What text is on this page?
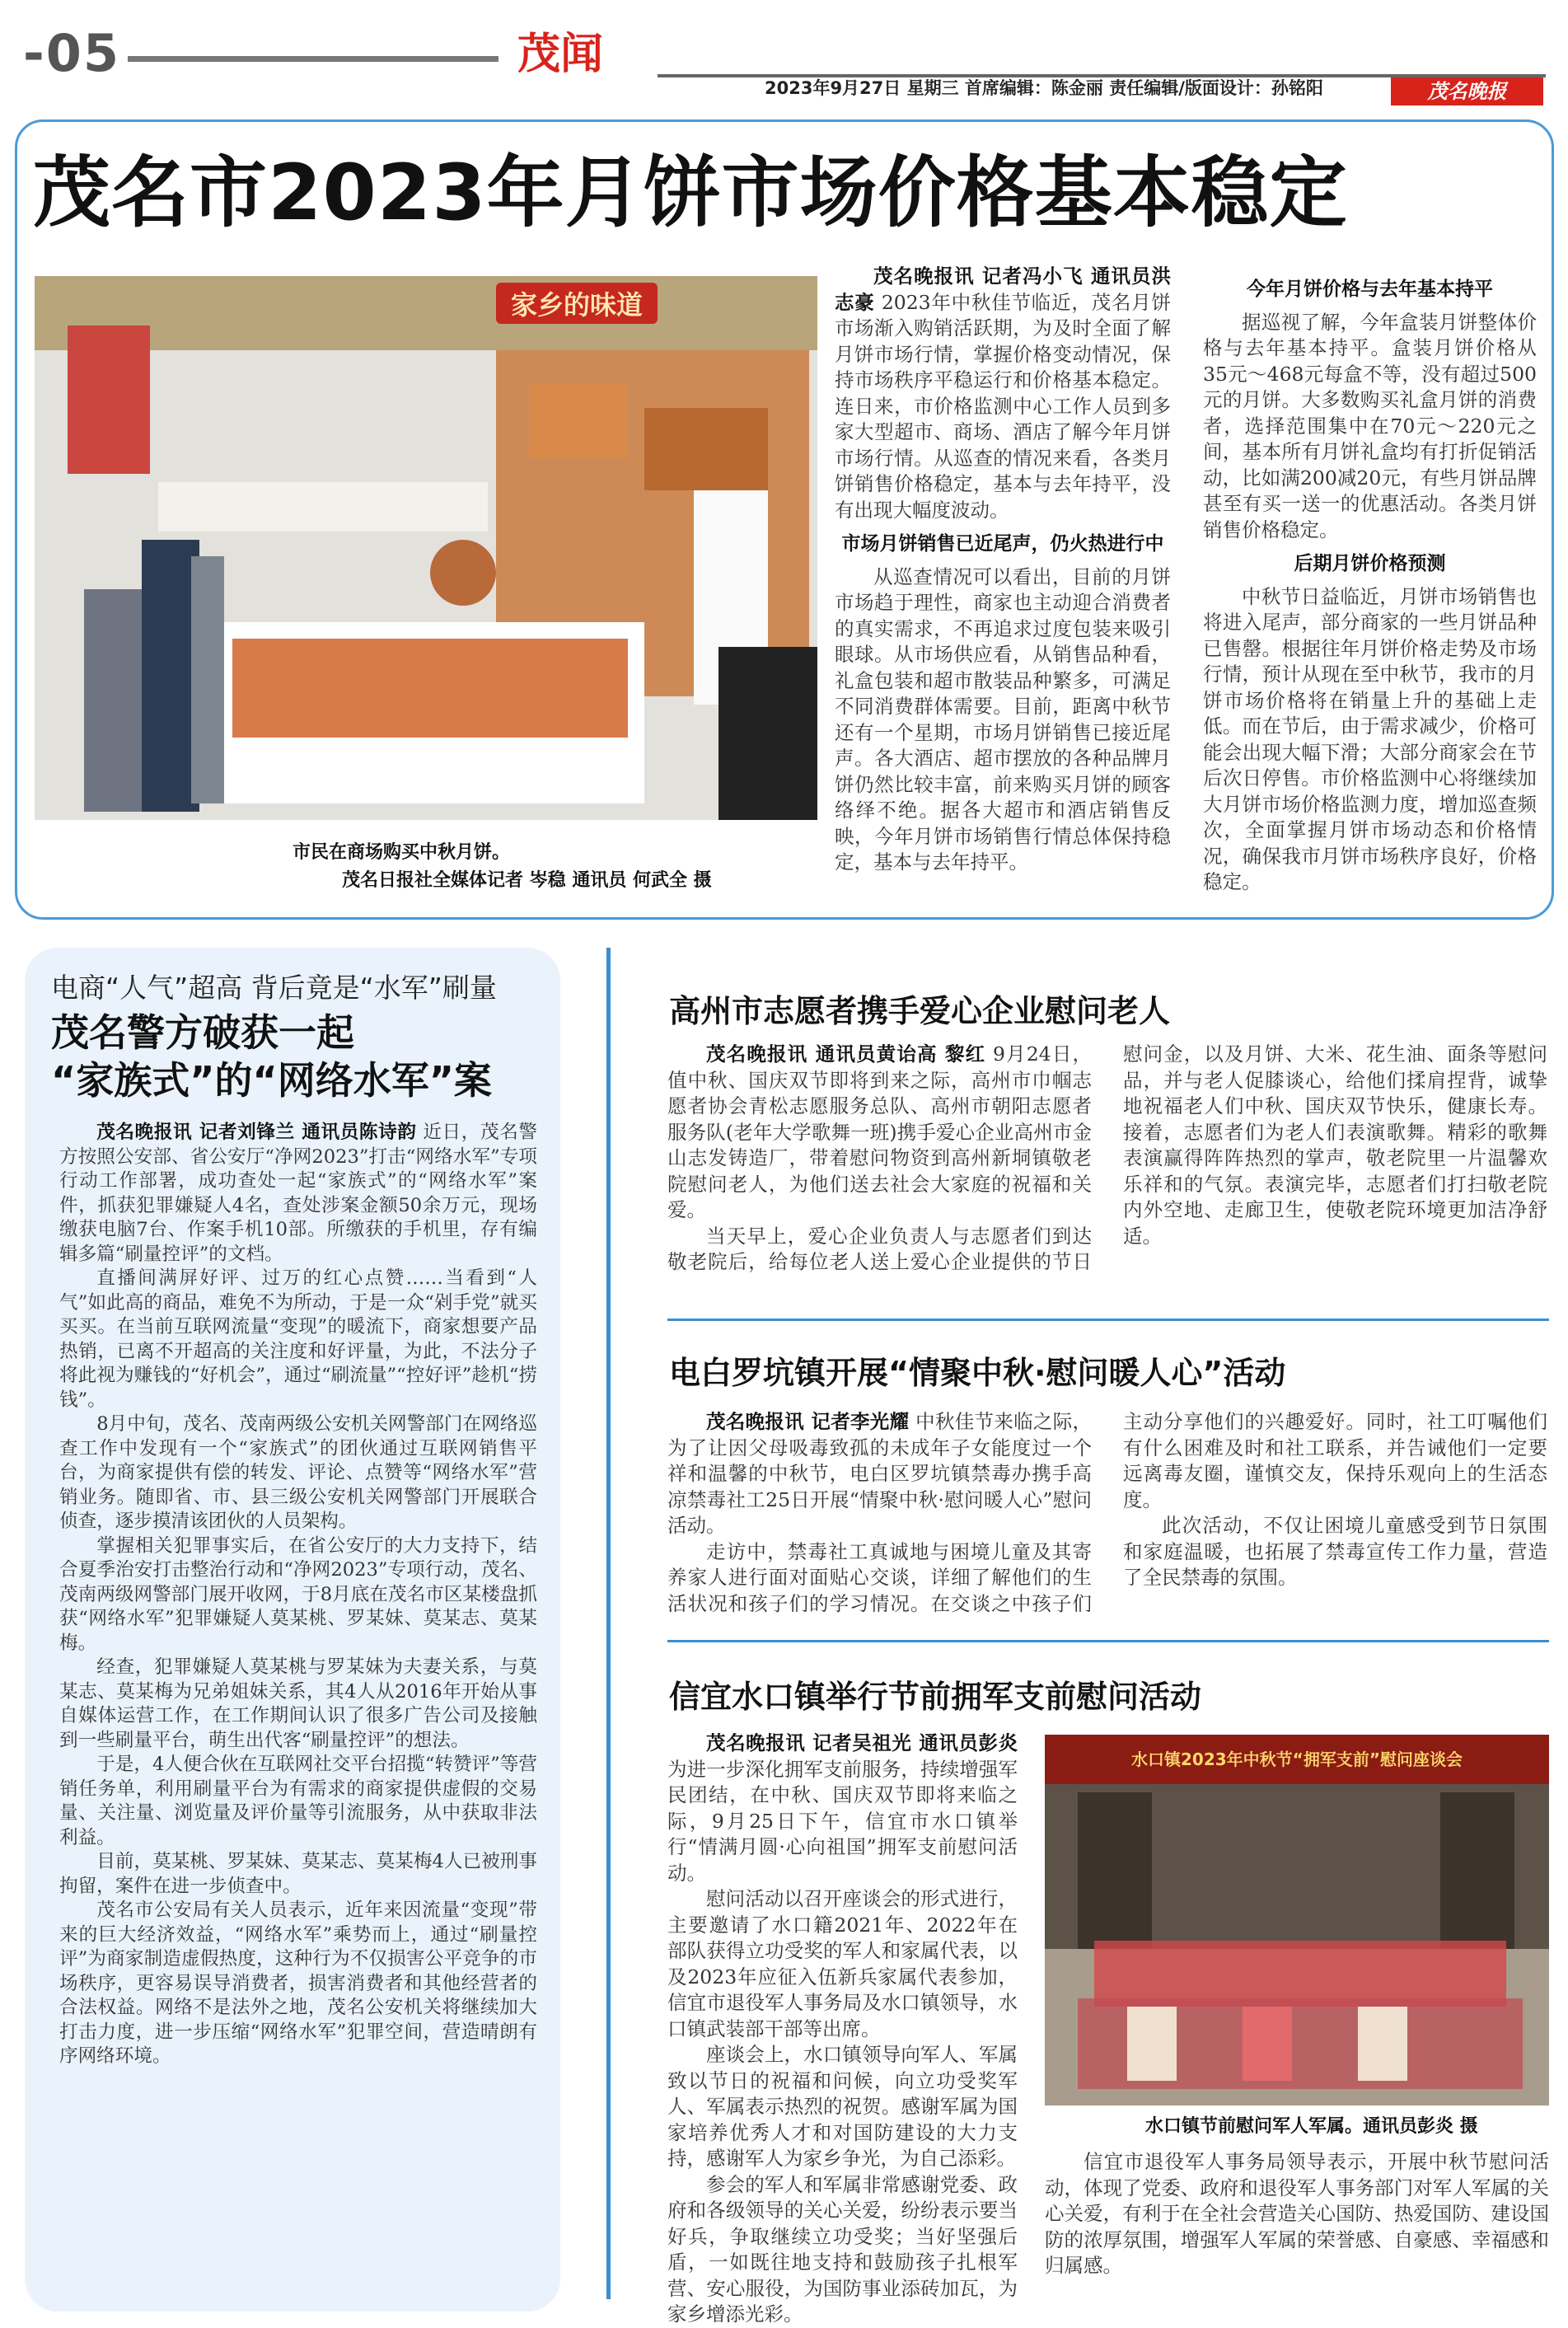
-05	茂闻
2023年9月27日 星期三 首席编辑：陈金丽 责任编辑/版面设计：孙铭阳	茂名晚报
茂名市2023年月饼市场价格基本稳定
家乡的味道
市民在商场购买中秋月饼。
茂名日报社全媒体记者 岑稳 通讯员 何武全 摄

茂名晚报讯 记者冯小飞 通讯员洪志豪 2023年中秋佳节临近，茂名月饼市场渐入购销活跃期，为及时全面了解月饼市场行情，掌握价格变动情况，保持市场秩序平稳运行和价格基本稳定。连日来，市价格监测中心工作人员到多家大型超市、商场、酒店了解今年月饼市场行情。从巡查的情况来看，各类月饼销售价格稳定，基本与去年持平，没有出现大幅度波动。

市场月饼销售已近尾声，仍火热进行中

从巡查情况可以看出，目前的月饼市场趋于理性，商家也主动迎合消费者的真实需求，不再追求过度包装来吸引眼球。从市场供应看，从销售品种看，礼盒包装和超市散装品种繁多，可满足不同消费群体需要。目前，距离中秋节还有一个星期，市场月饼销售已接近尾声。各大酒店、超市摆放的各种品牌月饼仍然比较丰富，前来购买月饼的顾客络绎不绝。据各大超市和酒店销售反映，今年月饼市场销售行情总体保持稳定，基本与去年持平。

今年月饼价格与去年基本持平

据巡视了解，今年盒装月饼整体价格与去年基本持平。盒装月饼价格从35元～468元每盒不等，没有超过500元的月饼。大多数购买礼盒月饼的消费者，选择范围集中在70元～220元之间，基本所有月饼礼盒均有打折促销活动，比如满200减20元，有些月饼品牌甚至有买一送一的优惠活动。各类月饼销售价格稳定。

后期月饼价格预测

中秋节日益临近，月饼市场销售也将进入尾声，部分商家的一些月饼品种已售罄。根据往年月饼价格走势及市场行情，预计从现在至中秋节，我市的月饼市场价格将在销量上升的基础上走低。而在节后，由于需求减少，价格可能会出现大幅下滑；大部分商家会在节后次日停售。市价格监测中心将继续加大月饼市场价格监测力度，增加巡查频次，全面掌握月饼市场动态和价格情况，确保我市月饼市场秩序良好，价格稳定。

电商“人气”超高 背后竟是“水军”刷量
茂名警方破获一起
“家族式”的“网络水军”案

茂名晚报讯 记者刘锋兰 通讯员陈诗韵 近日，茂名警方按照公安部、省公安厅“净网2023”打击“网络水军”专项行动工作部署，成功查处一起“家族式”的“网络水军”案件，抓获犯罪嫌疑人4名，查处涉案金额50余万元，现场缴获电脑7台、作案手机10部。所缴获的手机里，存有编辑多篇“刷量控评”的文档。

直播间满屏好评、过万的红心点赞……当看到“人气”如此高的商品，难免不为所动，于是一众“剁手党”就买买买。在当前互联网流量“变现”的暖流下，商家想要产品热销，已离不开超高的关注度和好评量，为此，不法分子将此视为赚钱的“好机会”，通过“刷流量”“控好评”趁机“捞钱”。

8月中旬，茂名、茂南两级公安机关网警部门在网络巡查工作中发现有一个“家族式”的团伙通过互联网销售平台，为商家提供有偿的转发、评论、点赞等“网络水军”营销业务。随即省、市、县三级公安机关网警部门开展联合侦查，逐步摸清该团伙的人员架构。

掌握相关犯罪事实后，在省公安厅的大力支持下，结合夏季治安打击整治行动和“净网2023”专项行动，茂名、茂南两级网警部门展开收网，于8月底在茂名市区某楼盘抓获“网络水军”犯罪嫌疑人莫某桃、罗某妹、莫某志、莫某梅。

经查，犯罪嫌疑人莫某桃与罗某妹为夫妻关系，与莫某志、莫某梅为兄弟姐妹关系，其4人从2016年开始从事自媒体运营工作，在工作期间认识了很多广告公司及接触到一些刷量平台，萌生出代客“刷量控评”的想法。

于是，4人便合伙在互联网社交平台招揽“转赞评”等营销任务单，利用刷量平台为有需求的商家提供虚假的交易量、关注量、浏览量及评价量等引流服务，从中获取非法利益。

目前，莫某桃、罗某妹、莫某志、莫某梅4人已被刑事拘留，案件在进一步侦查中。

茂名市公安局有关人员表示，近年来因流量“变现”带来的巨大经济效益，“网络水军”乘势而上，通过“刷量控评”为商家制造虚假热度，这种行为不仅损害公平竞争的市场秩序，更容易误导消费者，损害消费者和其他经营者的合法权益。网络不是法外之地，茂名公安机关将继续加大打击力度，进一步压缩“网络水军”犯罪空间，营造晴朗有序网络环境。

高州市志愿者携手爱心企业慰问老人

茂名晚报讯 通讯员黄诒高 黎红 9月24日，值中秋、国庆双节即将到来之际，高州市巾帼志愿者协会青松志愿服务总队、高州市朝阳志愿者服务队(老年大学歌舞一班)携手爱心企业高州市金山志发铸造厂，带着慰问物资到高州新垌镇敬老院慰问老人，为他们送去社会大家庭的祝福和关爱。

当天早上，爱心企业负责人与志愿者们到达敬老院后，给每位老人送上爱心企业提供的节日慰问金，以及月饼、大米、花生油、面条等慰问品，并与老人促膝谈心，给他们揉肩捏背，诚挚地祝福老人们中秋、国庆双节快乐，健康长寿。接着，志愿者们为老人们表演歌舞。精彩的歌舞表演赢得阵阵热烈的掌声，敬老院里一片温馨欢乐祥和的气氛。表演完毕，志愿者们打扫敬老院内外空地、走廊卫生，使敬老院环境更加洁净舒适。

电白罗坑镇开展“情聚中秋·慰问暖人心”活动

茂名晚报讯 记者李光耀 中秋佳节来临之际，为了让因父母吸毒致孤的未成年子女能度过一个祥和温馨的中秋节，电白区罗坑镇禁毒办携手高凉禁毒社工25日开展“情聚中秋·慰问暖人心”慰问活动。

走访中，禁毒社工真诚地与困境儿童及其寄养家人进行面对面贴心交谈，详细了解他们的生活状况和孩子们的学习情况。在交谈之中孩子们主动分享他们的兴趣爱好。同时，社工叮嘱他们有什么困难及时和社工联系，并告诫他们一定要远离毒友圈，谨慎交友，保持乐观向上的生活态度。

此次活动，不仅让困境儿童感受到节日氛围和家庭温暖，也拓展了禁毒宣传工作力量，营造了全民禁毒的氛围。

信宜水口镇举行节前拥军支前慰问活动

茂名晚报讯 记者吴祖光 通讯员彭炎 为进一步深化拥军支前服务，持续增强军民团结，在中秋、国庆双节即将来临之际，9月25日下午，信宜市水口镇举行“情满月圆·心向祖国”拥军支前慰问活动。

慰问活动以召开座谈会的形式进行，主要邀请了水口籍2021年、2022年在部队获得立功受奖的军人和家属代表，以及2023年应征入伍新兵家属代表参加，信宜市退役军人事务局及水口镇领导，水口镇武装部干部等出席。

座谈会上，水口镇领导向军人、军属致以节日的祝福和问候，向立功受奖军人、军属表示热烈的祝贺。感谢军属为国家培养优秀人才和对国防建设的大力支持，感谢军人为家乡争光，为自己添彩。

参会的军人和军属非常感谢党委、政府和各级领导的关心关爱，纷纷表示要当好兵，争取继续立功受奖；当好坚强后盾，一如既往地支持和鼓励孩子扎根军营、安心服役，为国防事业添砖加瓦，为家乡增添光彩。

水口镇2023年中秋节“拥军支前”慰问座谈会
水口镇节前慰问军人军属。通讯员彭炎 摄

信宜市退役军人事务局领导表示，开展中秋节慰问活动，体现了党委、政府和退役军人事务部门对军人军属的关心关爱，有利于在全社会营造关心国防、热爱国防、建设国防的浓厚氛围，增强军人军属的荣誉感、自豪感、幸福感和归属感。
